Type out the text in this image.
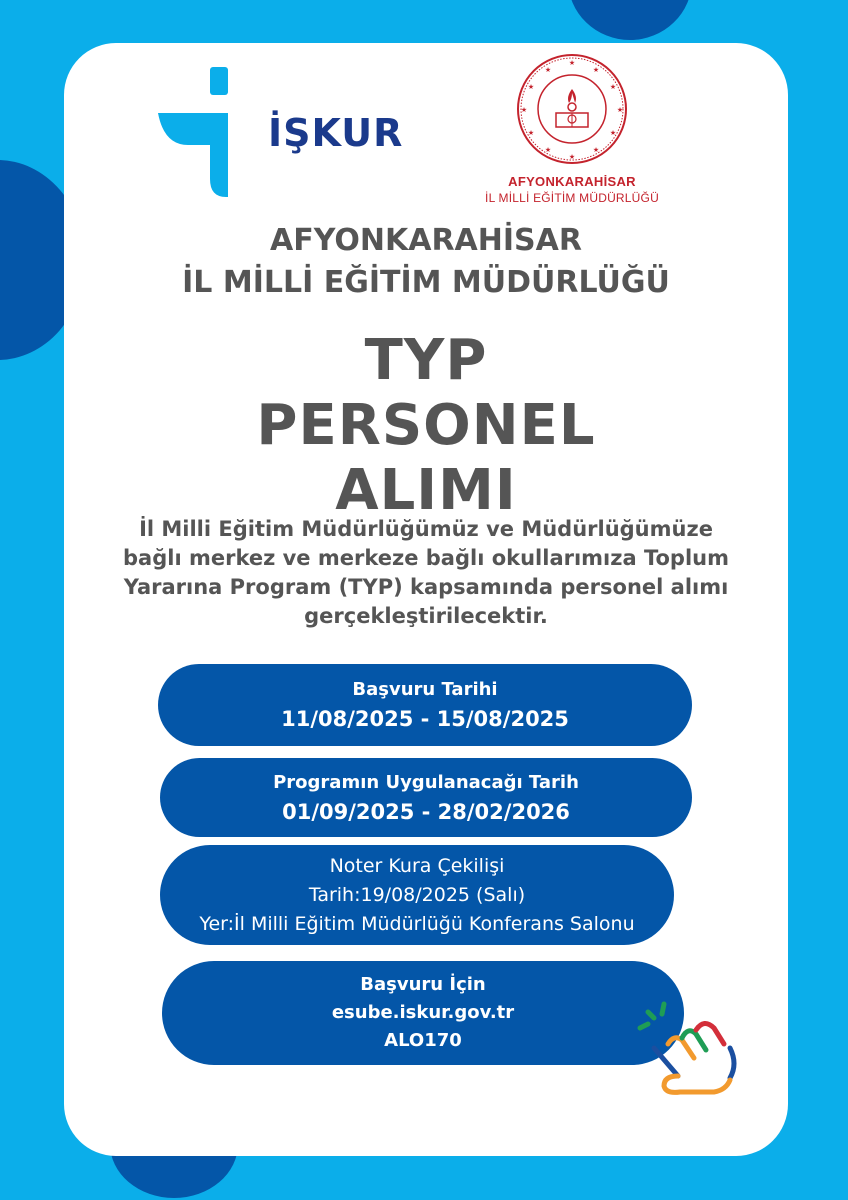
İŞKUR
★
★
★
★
★
★
★
★
★
★
★
★
AFYONKARAHİSAR
İL MİLLİ EĞİTİM MÜDÜRLÜĞÜ
AFYONKARAHİSAR
İL MİLLİ EĞİTİM MÜDÜRLÜĞÜ
TYP
PERSONEL
ALIMI
İl Milli Eğitim Müdürlüğümüz ve Müdürlüğümüze
bağlı merkez ve merkeze bağlı okullarımıza Toplum
Yararına Program (TYP) kapsamında personel alımı
gerçekleştirilecektir.
Başvuru Tarihi
11/08/2025 - 15/08/2025
Programın Uygulanacağı Tarih
01/09/2025 - 28/02/2026
Noter Kura Çekilişi
Tarih:19/08/2025 (Salı)
Yer:İl Milli Eğitim Müdürlüğü Konferans Salonu
Başvuru İçin
esube.iskur.gov.tr
ALO170
